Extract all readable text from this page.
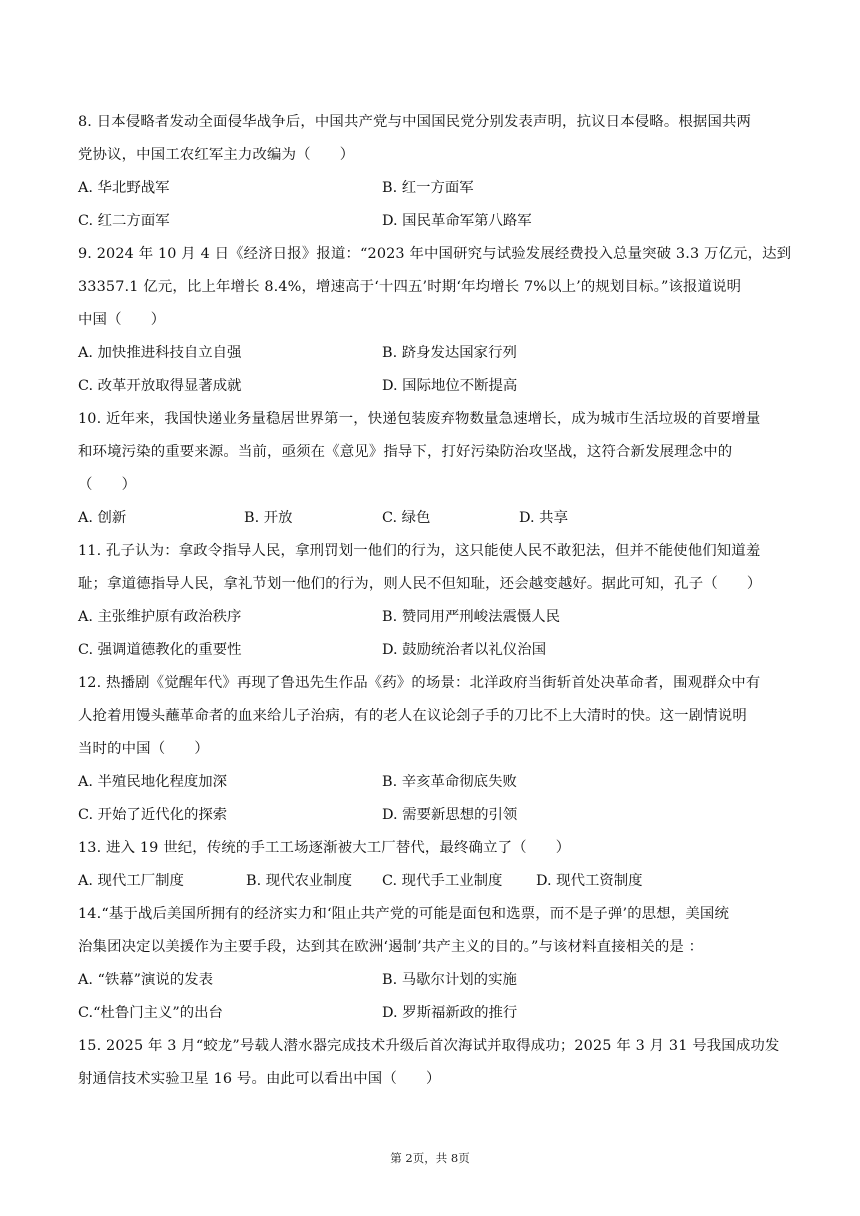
8. 日本侵略者发动全面侵华战争后，中国共产党与中国国民党分别发表声明，抗议日本侵略。根据国共两
党协议，中国工农红军主力改编为（　　）
A. 华北野战军	B. 红一方面军
C. 红二方面军	D. 国民革命军第八路军
9. 2024 年 10 月 4 日《经济日报》报道：“2023 年中国研究与试验发展经费投入总量突破 3.3 万亿元，达到
33357.1 亿元，比上年增长 8.4%，增速高于‘十四五’时期‘年均增长 7%以上’的规划目标。”该报道说明
中国（　　）
A. 加快推进科技自立自强	B. 跻身发达国家行列
C. 改革开放取得显著成就	D. 国际地位不断提高
10. 近年来，我国快递业务量稳居世界第一，快递包装废弃物数量急速增长，成为城市生活垃圾的首要增量
和环境污染的重要来源。当前，亟须在《意见》指导下，打好污染防治攻坚战，这符合新发展理念中的
（　　）
A. 创新	B. 开放	C. 绿色	D. 共享
11. 孔子认为：拿政令指导人民，拿刑罚划一他们的行为，这只能使人民不敢犯法，但并不能使他们知道羞
耻；拿道德指导人民，拿礼节划一他们的行为，则人民不但知耻，还会越变越好。据此可知，孔子（　　）
A. 主张维护原有政治秩序	B. 赞同用严刑峻法震慑人民
C. 强调道德教化的重要性	D. 鼓励统治者以礼仪治国
12. 热播剧《觉醒年代》再现了鲁迅先生作品《药》的场景：北洋政府当街斩首处决革命者，围观群众中有
人抢着用馒头蘸革命者的血来给儿子治病，有的老人在议论刽子手的刀比不上大清时的快。这一剧情说明
当时的中国（　　）
A. 半殖民地化程度加深	B. 辛亥革命彻底失败
C. 开始了近代化的探索	D. 需要新思想的引领
13. 进入 19 世纪，传统的手工工场逐渐被大工厂替代，最终确立了（　　）
A. 现代工厂制度	B. 现代农业制度 C. 现代手工业制度 D. 现代工资制度
14.“基于战后美国所拥有的经济实力和‘阻止共产党的可能是面包和选票，而不是子弹’的思想，美国统
治集团决定以美援作为主要手段，达到其在欧洲‘遏制’共产主义的目的。”与该材料直接相关的是 ：
A. “铁幕”演说的发表	B. 马歇尔计划的实施
C.“杜鲁门主义”的出台	D. 罗斯福新政的推行
15. 2025 年 3 月“蛟龙”号载人潜水器完成技术升级后首次海试并取得成功；2025 年 3 月 31 号我国成功发
射通信技术实验卫星 16 号。由此可以看出中国（　　）
第 2页，共 8页
